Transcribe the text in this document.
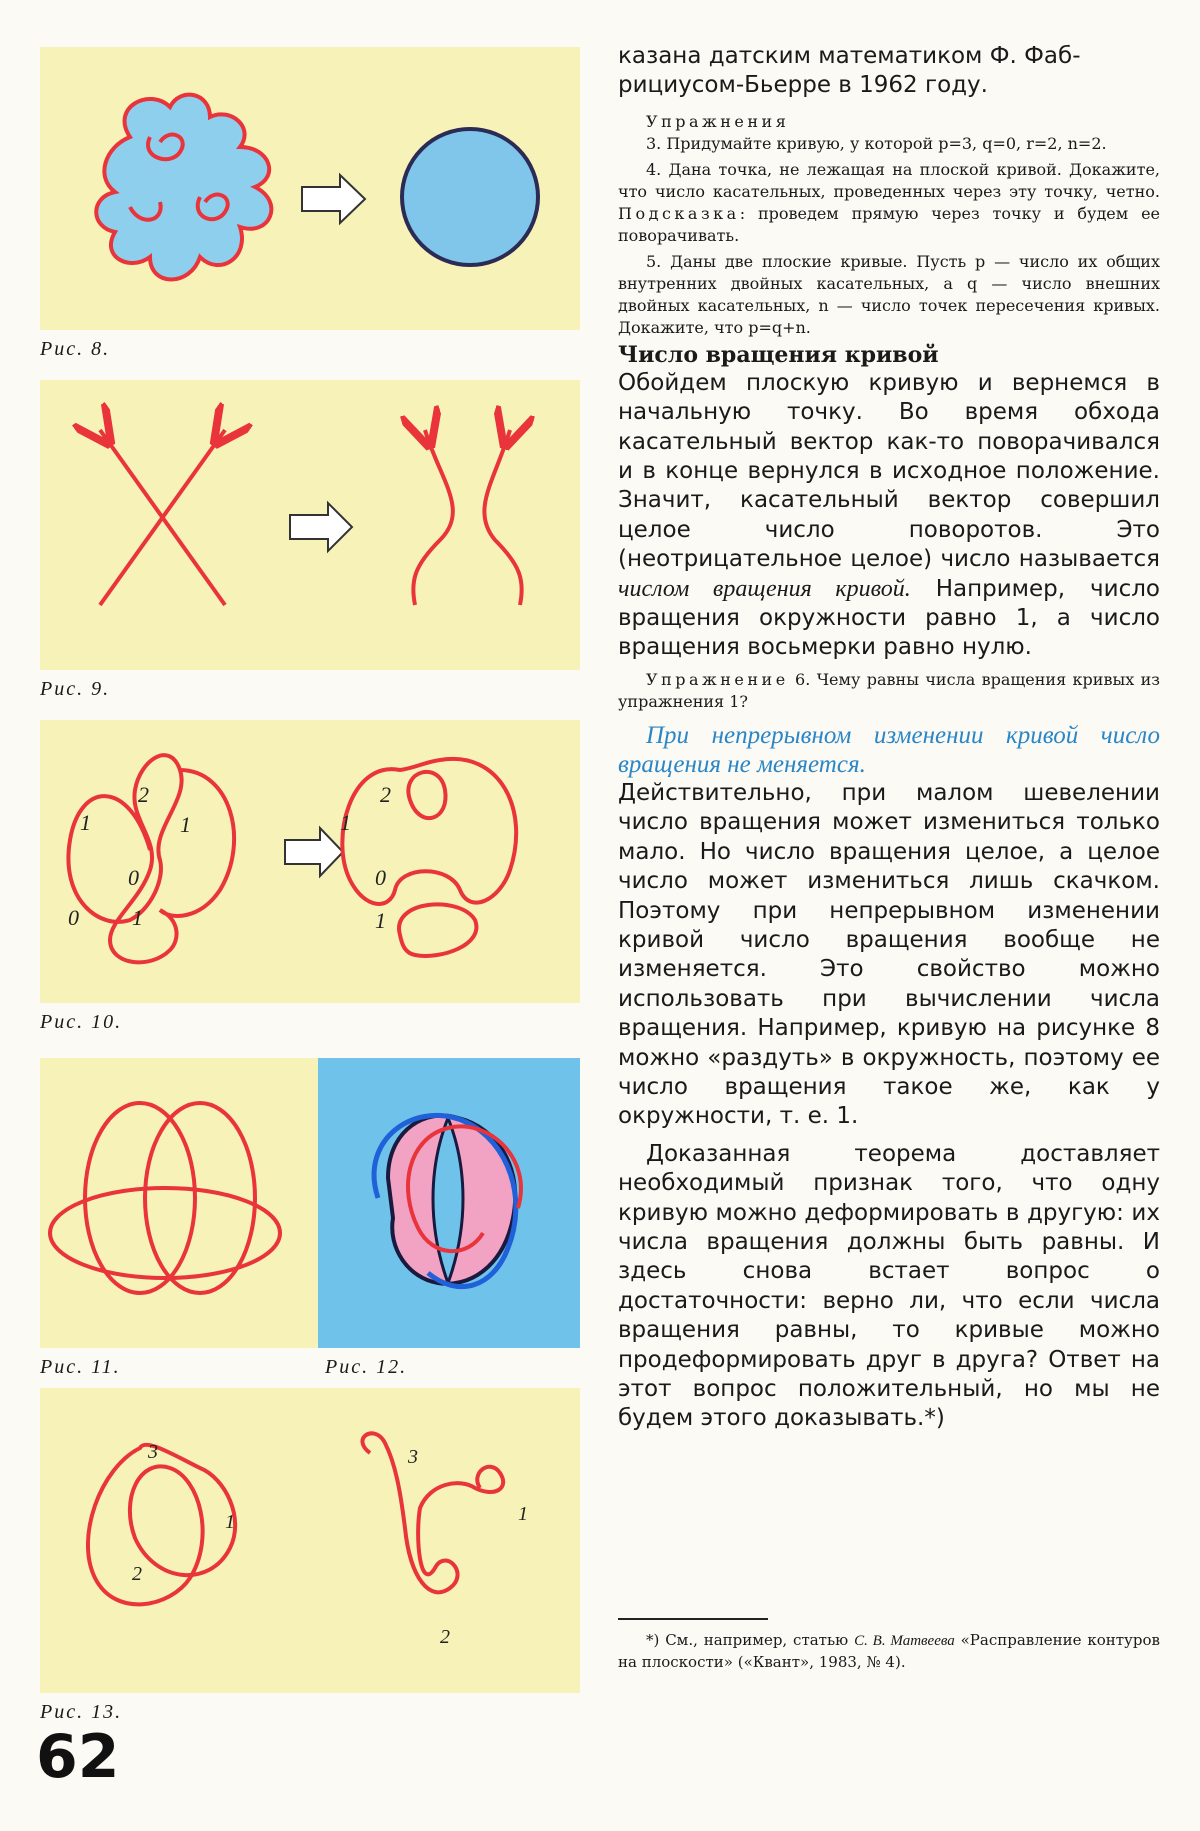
Рис. 8.
Рис. 9.
1
2
1
0
0 1
1
2
0
1
Рис. 10.
Рис. 11.	Рис. 12.
3
1
2
3
1
2
Рис. 13.
62

казана датским математиком Ф. Фаб-
рициусом-Бьерре в 1962 году.

Упражнения

3. Придумайте кривую, у которой p=3, q=0, r=2, n=2.

4. Дана точка, не лежащая на плоской кривой. Докажите, что число касательных, проведенных через эту точку, четно. Подсказка: проведем прямую через точку и будем ее поворачивать.

5. Даны две плоские кривые. Пусть p — число их общих внутренних двойных касательных, a q — число внешних двойных касательных, n — число точек пересечения кривых. Докажите, что p=q+n.

Число вращения кривой

Обойдем плоскую кривую и вернемся в начальную точку. Во время обхода касательный вектор как-то поворачивался и в конце вернулся в исходное положение. Значит, касательный вектор совершил целое число поворотов. Это (неотрицательное целое) число называется числом вращения кривой. Например, число вращения окружности равно 1, а число вращения восьмерки равно нулю.

Упражнение 6. Чему равны числа вращения кривых из упражнения 1?

При непрерывном изменении кривой число вращения не меняется.

Действительно, при малом шевелении число вращения может измениться только мало. Но число вращения целое, а целое число может измениться лишь скачком. Поэтому при непрерывном изменении кривой число вращения вообще не изменяется. Это свойство можно использовать при вычислении числа вращения. Например, кривую на рисунке 8 можно «раздуть» в окружность, поэтому ее число вращения такое же, как у окружности, т. е. 1.

Доказанная теорема доставляет необходимый признак того, что одну кривую можно деформировать в другую: их числа вращения должны быть равны. И здесь снова встает вопрос о достаточности: верно ли, что если числа вращения равны, то кривые можно продеформировать друг в друга? Ответ на этот вопрос положительный, но мы не будем этого доказывать.*)

*) См., например, статью С. В. Матвеева «Расправление контуров на плоскости» («Квант», 1983, № 4).
